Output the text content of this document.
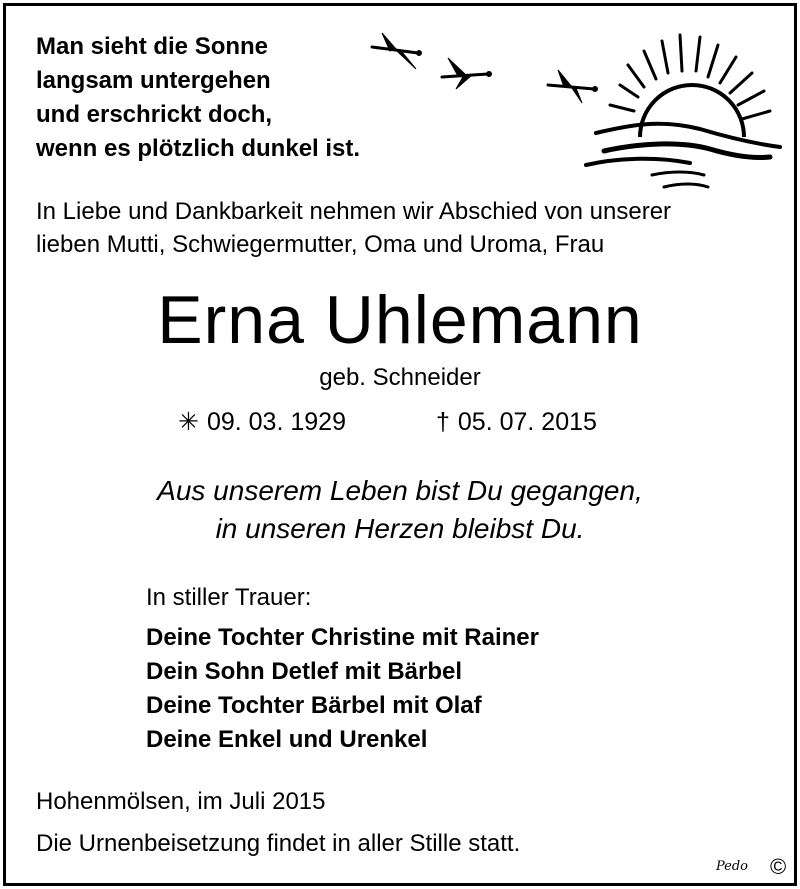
Man sieht die Sonne
langsam untergehen
und erschrickt doch,
wenn es plötzlich dunkel ist.
In Liebe und Dankbarkeit nehmen wir Abschied von unserer
lieben Mutti, Schwiegermutter, Oma und Uroma, Frau
Erna Uhlemann
geb. Schneider
✳ 09. 03. 1929	† 05. 07. 2015
Aus unserem Leben bist Du gegangen,
in unseren Herzen bleibst Du.
In stiller Trauer:
Deine Tochter Christine mit Rainer
Dein Sohn Detlef mit Bärbel
Deine Tochter Bärbel mit Olaf
Deine Enkel und Urenkel
Hohenmölsen, im Juli 2015
Die Urnenbeisetzung findet in aller Stille statt.
Pedo ©
